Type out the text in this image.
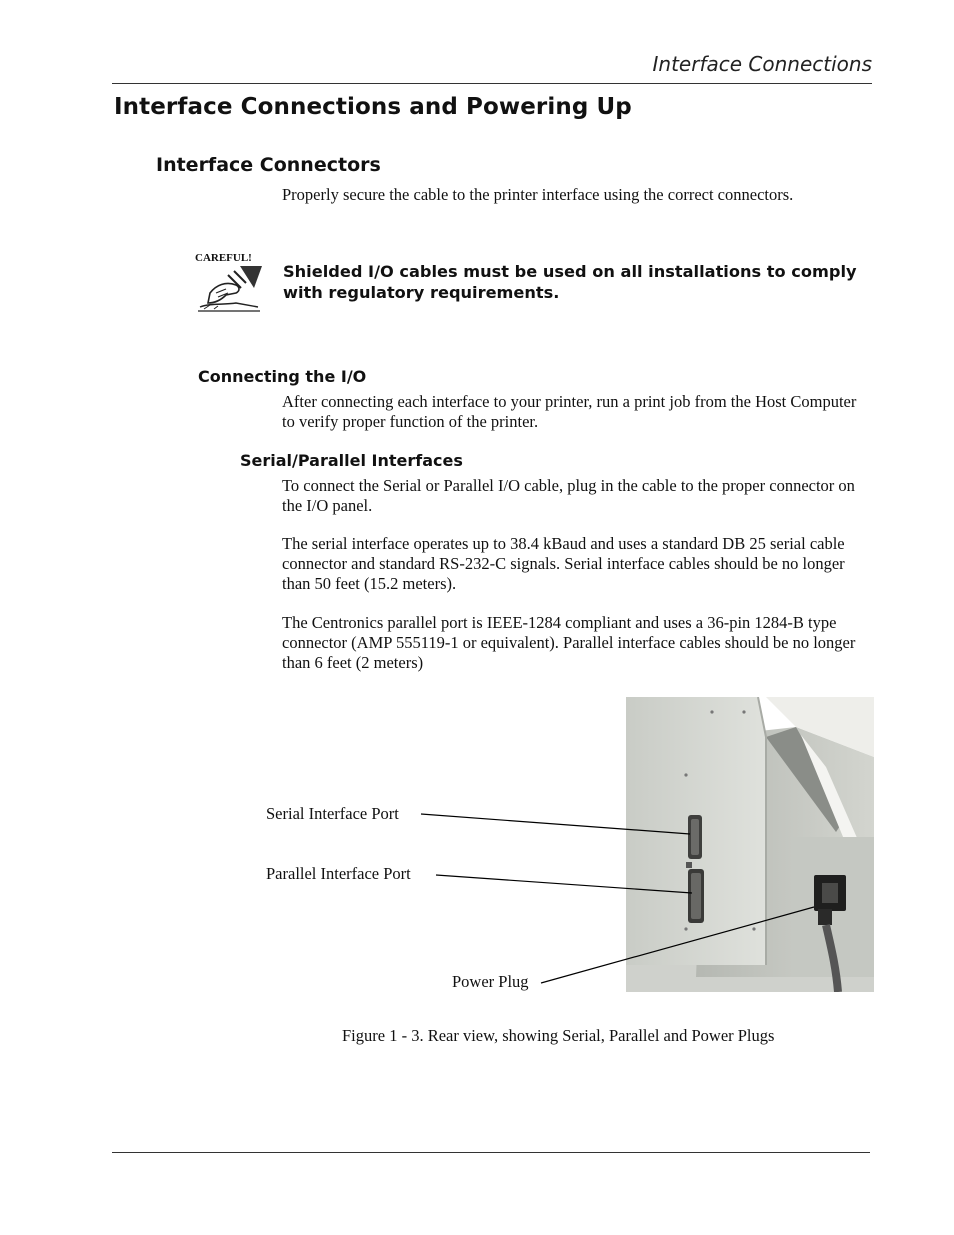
Interface Connections
Interface Connections and Powering Up
Interface Connectors

Properly secure the cable to the printer interface using the correct connectors.

CAREFUL!
Shielded I/O cables must be used on all installations to comply with regulatory requirements.
Connecting the I/O

After connecting each interface to your printer, run a print job from the Host Computer to verify proper function of the printer.

Serial/Parallel Interfaces

To connect the Serial or Parallel I/O cable, plug in the cable to the proper connector on the I/O panel.

The serial interface operates up to 38.4 kBaud and uses a standard DB 25 serial cable connector and standard RS-232-C signals. Serial interface cables should be no longer than 50 feet (15.2 meters).

The Centronics parallel port is IEEE-1284 compliant and uses a 36-pin 1284-B type connector (AMP 555119-1 or equivalent). Parallel interface cables should be no longer than 6 feet (2 meters)

Serial Interface Port
Parallel Interface Port
Power Plug
Figure 1 - 3. Rear view, showing Serial, Parallel and Power Plugs
